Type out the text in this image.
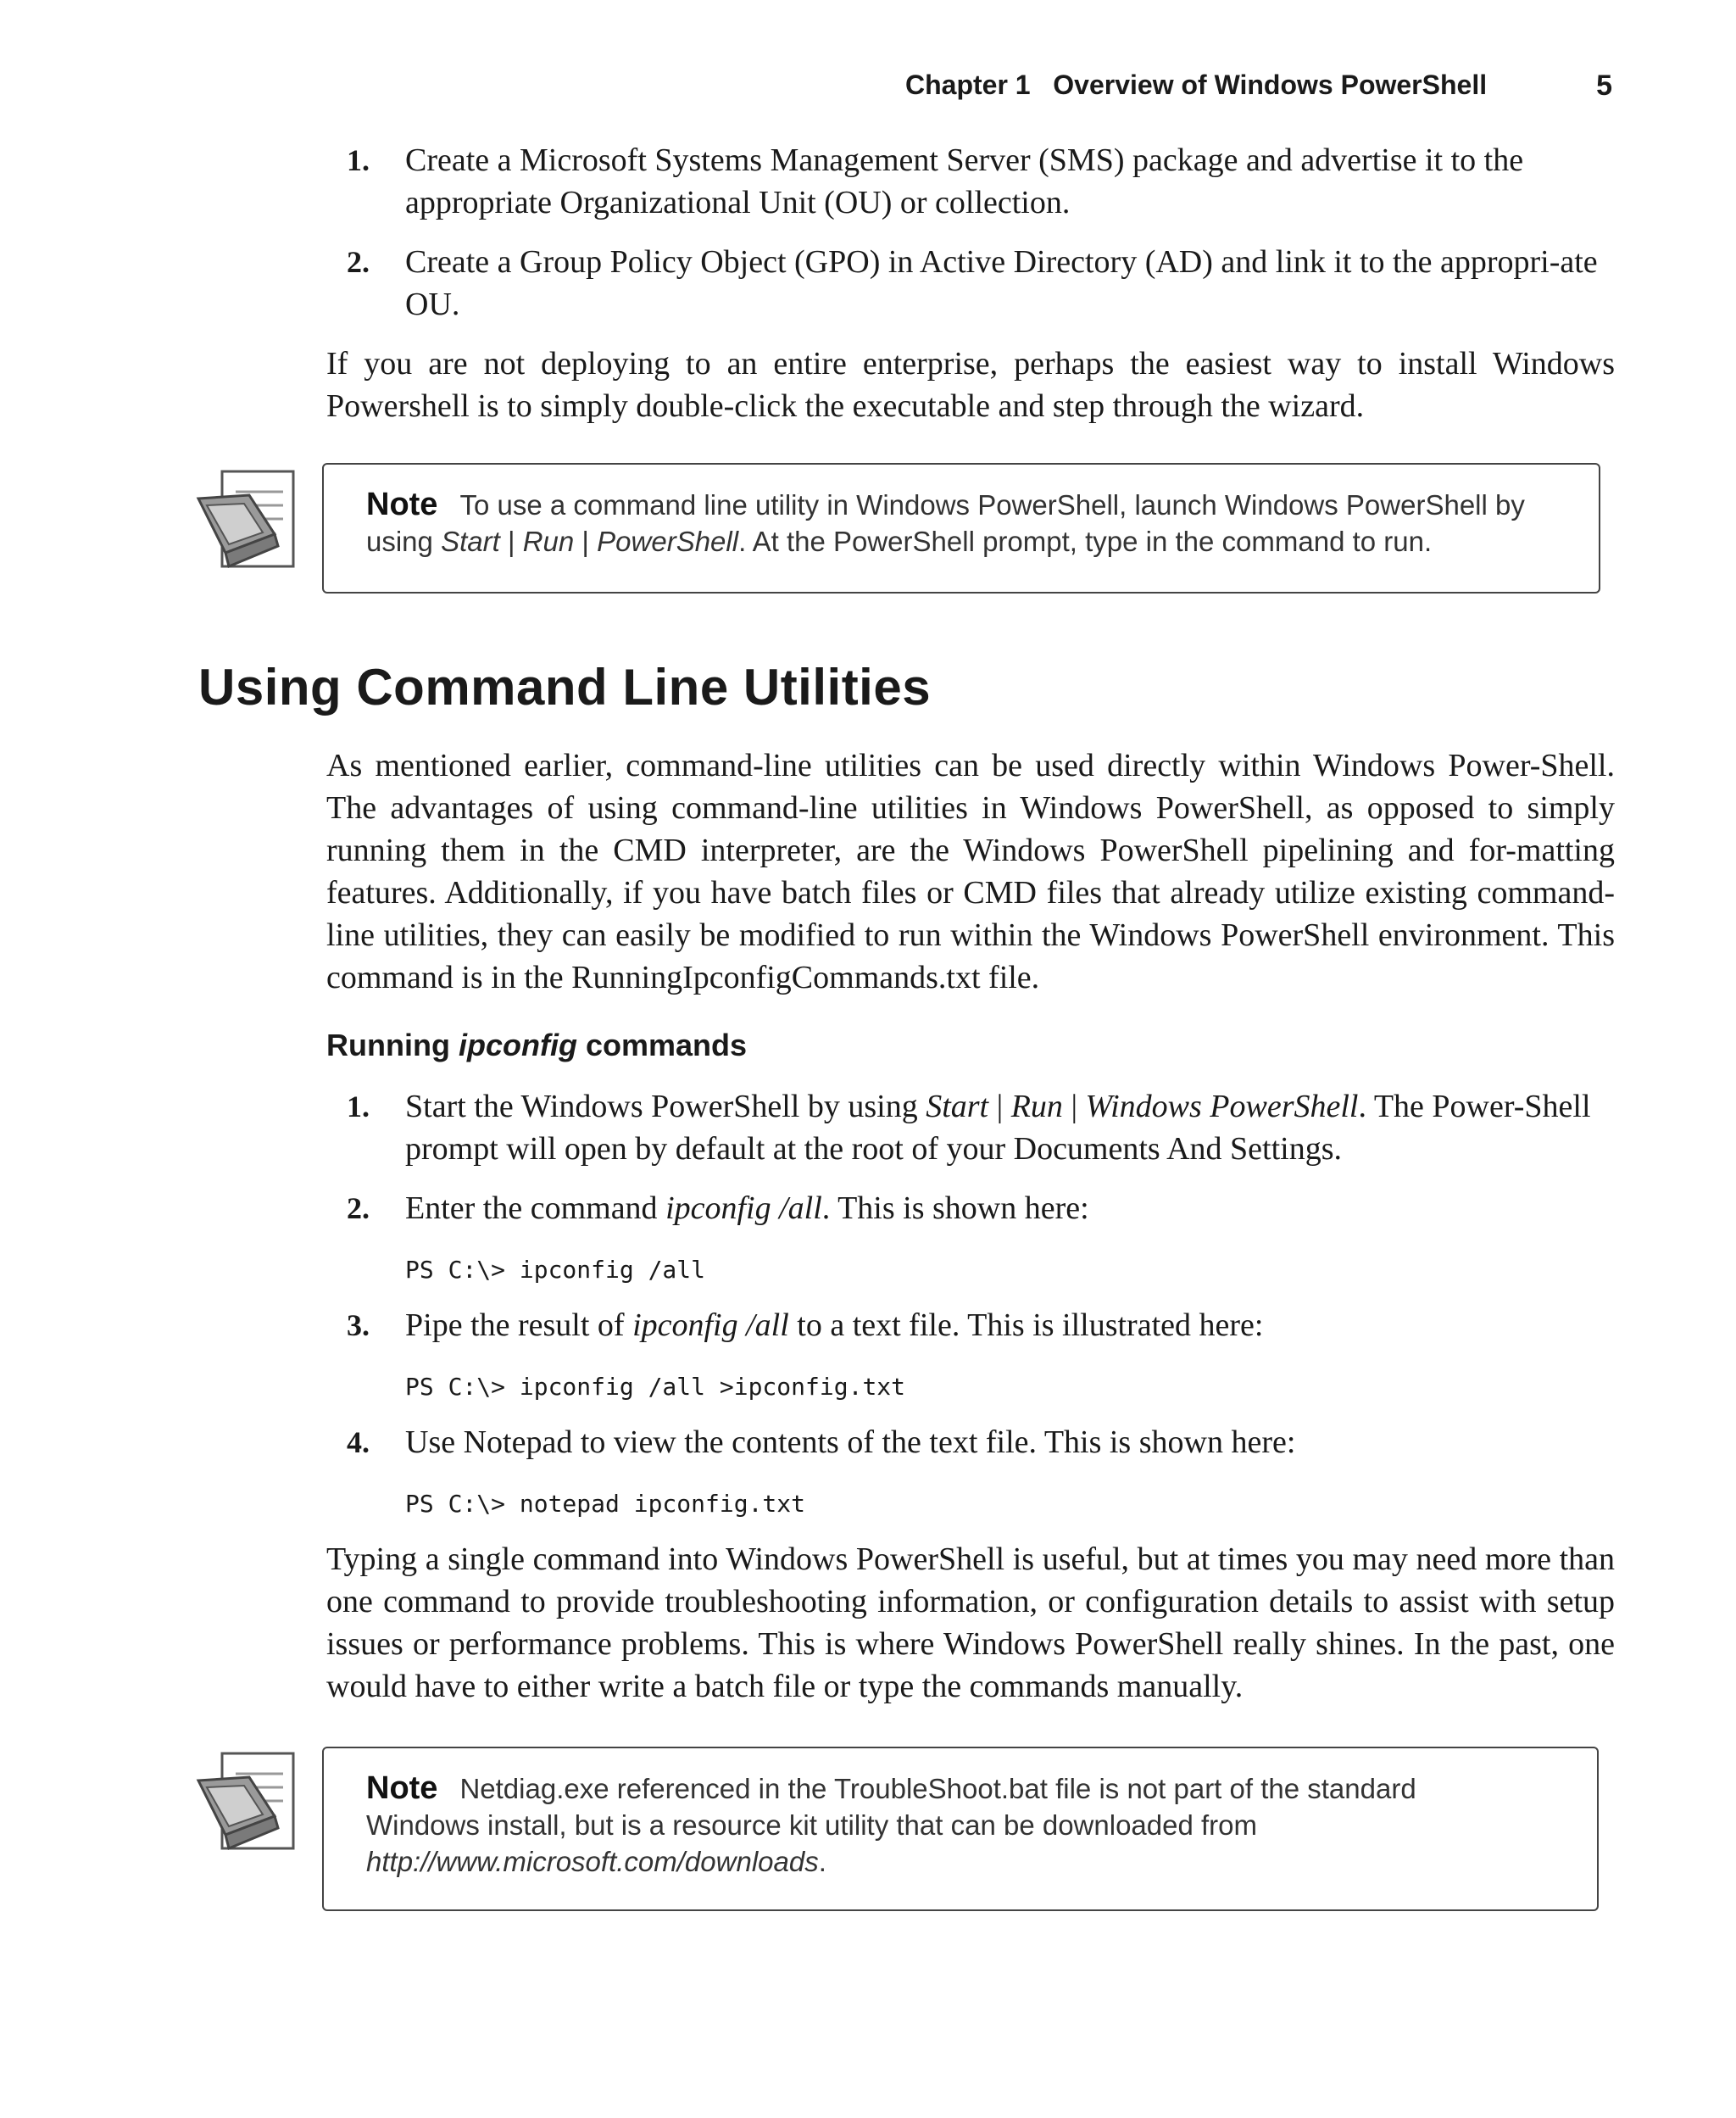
Chapter 1 Overview of Windows PowerShell	5
1. Create a Microsoft Systems Management Server (SMS) package and advertise it to the appropriate Organizational Unit (OU) or collection.
2. Create a Group Policy Object (GPO) in Active Directory (AD) and link it to the appropri-ate OU.
If you are not deploying to an entire enterprise, perhaps the easiest way to install Windows Powershell is to simply double-click the executable and step through the wizard.
Note To use a command line utility in Windows PowerShell, launch Windows PowerShell by using Start | Run | PowerShell. At the PowerShell prompt, type in the command to run.
Using Command Line Utilities
As mentioned earlier, command-line utilities can be used directly within Windows Power-Shell. The advantages of using command-line utilities in Windows PowerShell, as opposed to simply running them in the CMD interpreter, are the Windows PowerShell pipelining and for-matting features. Additionally, if you have batch files or CMD files that already utilize existing command-line utilities, they can easily be modified to run within the Windows PowerShell environment. This command is in the RunningIpconfigCommands.txt file.
Running ipconfig commands
1. Start the Windows PowerShell by using Start | Run | Windows PowerShell. The Power-Shell prompt will open by default at the root of your Documents And Settings.
2. Enter the command ipconfig /all. This is shown here:
PS C:\> ipconfig /all
3. Pipe the result of ipconfig /all to a text file. This is illustrated here:
PS C:\> ipconfig /all >ipconfig.txt
4. Use Notepad to view the contents of the text file. This is shown here:
PS C:\> notepad ipconfig.txt
Typing a single command into Windows PowerShell is useful, but at times you may need more than one command to provide troubleshooting information, or configuration details to assist with setup issues or performance problems. This is where Windows PowerShell really shines. In the past, one would have to either write a batch file or type the commands manually.
Note Netdiag.exe referenced in the TroubleShoot.bat file is not part of the standard Windows install, but is a resource kit utility that can be downloaded from
http://www.microsoft.com/downloads.
